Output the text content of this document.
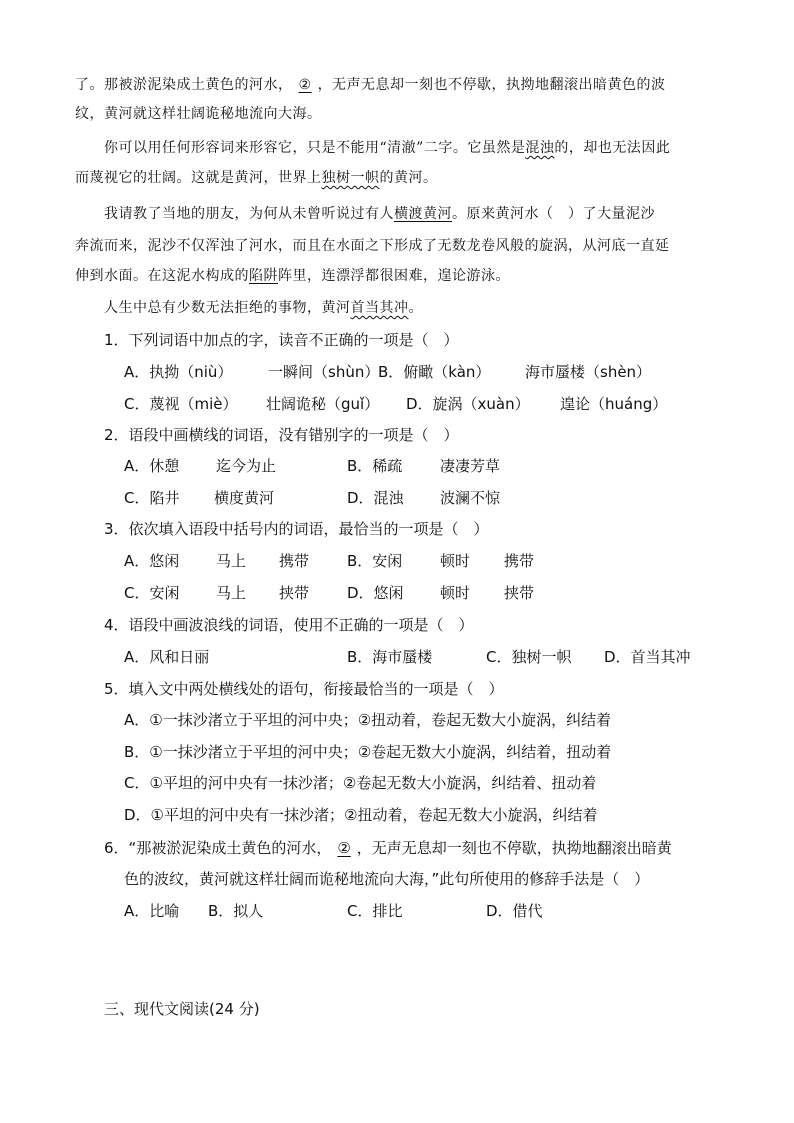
了。那被淤泥染成土黄色的河水， ② ，无声无息却一刻也不停歇，执拗地翻滚出暗黄色的波
纹，黄河就这样壮阔诡秘地流向大海。
你可以用任何形容词来形容它，只是不能用“清澈”二字。它虽然是混浊的，却也无法因此
而蔑视它的壮阔。这就是黄河，世界上独树一帜的黄河。
我请教了当地的朋友，为何从未曾听说过有人横渡黄河。原来黄河水（　）了大量泥沙
奔流而来，泥沙不仅浑浊了河水，而且在水面之下形成了无数龙卷风般的旋涡，从河底一直延
伸到水面。在这泥水构成的陷阱阵里，连漂浮都很困难，遑论游泳。
人生中总有少数无法拒绝的事物，黄河首当其冲。
1．下列词语中加点的字，读音不正确的一项是（　）
A．执拗（niù） 一瞬间（shùn）
B．俯瞰（kàn） 海市蜃楼（shèn）
C．蔑视（miè） 壮阔诡秘（guǐ） D．旋涡（xuàn） 遑论（huáng）
2．语段中画横线的词语，没有错别字的一项是（　）
A．休憩 迄今为止	B．稀疏	凄凄芳草
C．陷井 横度黄河	D．混浊 波澜不惊
3．依次填入语段中括号内的词语，最恰当的一项是（　）
A．悠闲 马上 携带	B．安闲	顿时 携带
C．安闲 马上 挟带	D．悠闲 顿时 挟带
4．语段中画波浪线的词语，使用不正确的一项是（　）
A．风和日丽	B．海市蜃楼	C．独树一帜 D．首当其冲
5．填入文中两处横线处的语句，衔接最恰当的一项是（　）
A．①一抹沙渚立于平坦的河中央；②扭动着，卷起无数大小旋涡，纠结着
B．①一抹沙渚立于平坦的河中央；②卷起无数大小旋涡，纠结着，扭动着
C．①平坦的河中央有一抹沙渚；②卷起无数大小旋涡，纠结着、扭动着
D．①平坦的河中央有一抹沙渚；②扭动着，卷起无数大小旋涡，纠结着
6．“那被淤泥染成土黄色的河水， ② ，无声无息却一刻也不停歇，执拗地翻滚出暗黄
色的波纹，黄河就这样壮阔而诡秘地流向大海，”此句所使用的修辞手法是（　）
A．比喻 B．拟人	C．排比	D．借代
三、现代文阅读(24 分)
